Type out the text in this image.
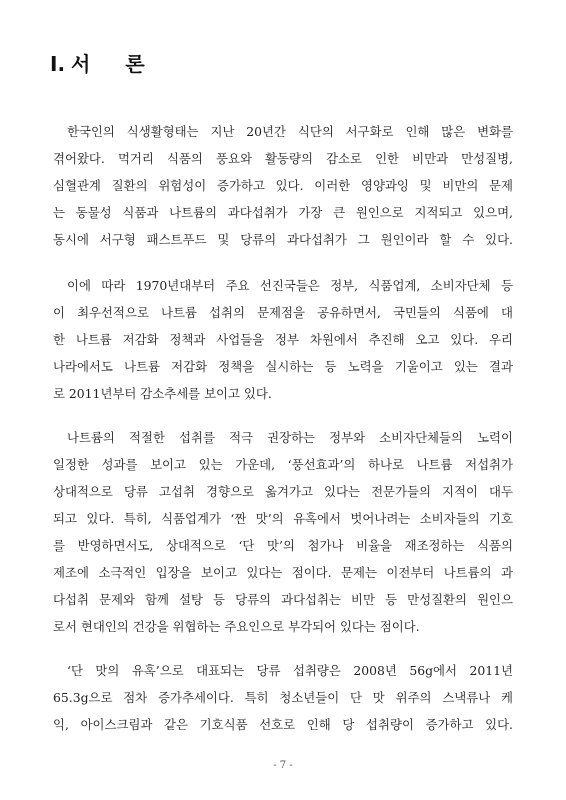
I. 서 론
한국인의 식생활형태는 지난 20년간 식단의 서구화로 인해 많은 변화를
겪어왔다. 먹거리 식품의 풍요와 활동량의 감소로 인한 비만과 만성질병,
심혈관계 질환의 위험성이 증가하고 있다. 이러한 영양과잉 및 비만의 문제
는 동물성 식품과 나트륨의 과다섭취가 가장 큰 원인으로 지적되고 있으며,
동시에 서구형 패스트푸드 및 당류의 과다섭취가 그 원인이라 할 수 있다.
이에 따라 1970년대부터 주요 선진국들은 정부, 식품업계, 소비자단체 등
이 최우선적으로 나트륨 섭취의 문제점을 공유하면서, 국민들의 식품에 대
한 나트륨 저감화 정책과 사업들을 정부 차원에서 추진해 오고 있다. 우리
나라에서도 나트륨 저감화 정책을 실시하는 등 노력을 기울이고 있는 결과
로 2011년부터 감소추세를 보이고 있다.
나트륨의 적절한 섭취를 적극 권장하는 정부와 소비자단체들의 노력이
일정한 성과를 보이고 있는 가운데, ‘풍선효과’의 하나로 나트륨 저섭취가
상대적으로 당류 고섭취 경향으로 옮겨가고 있다는 전문가들의 지적이 대두
되고 있다. 특히, 식품업계가 ‘짠 맛’의 유혹에서 벗어나려는 소비자들의 기호
를 반영하면서도, 상대적으로 ‘단 맛’의 첨가나 비율을 재조정하는 식품의
제조에 소극적인 입장을 보이고 있다는 점이다. 문제는 이전부터 나트륨의 과
다섭취 문제와 함께 설탕 등 당류의 과다섭취는 비만 등 만성질환의 원인으
로서 현대인의 건강을 위협하는 주요인으로 부각되어 있다는 점이다.
‘단 맛의 유혹’으로 대표되는 당류 섭취량은 2008년 56g에서 2011년
65.3g으로 점차 증가추세이다. 특히 청소년들이 단 맛 위주의 스낵류나 케
익, 아이스크림과 같은 기호식품 선호로 인해 당 섭취량이 증가하고 있다.
- 7 -
